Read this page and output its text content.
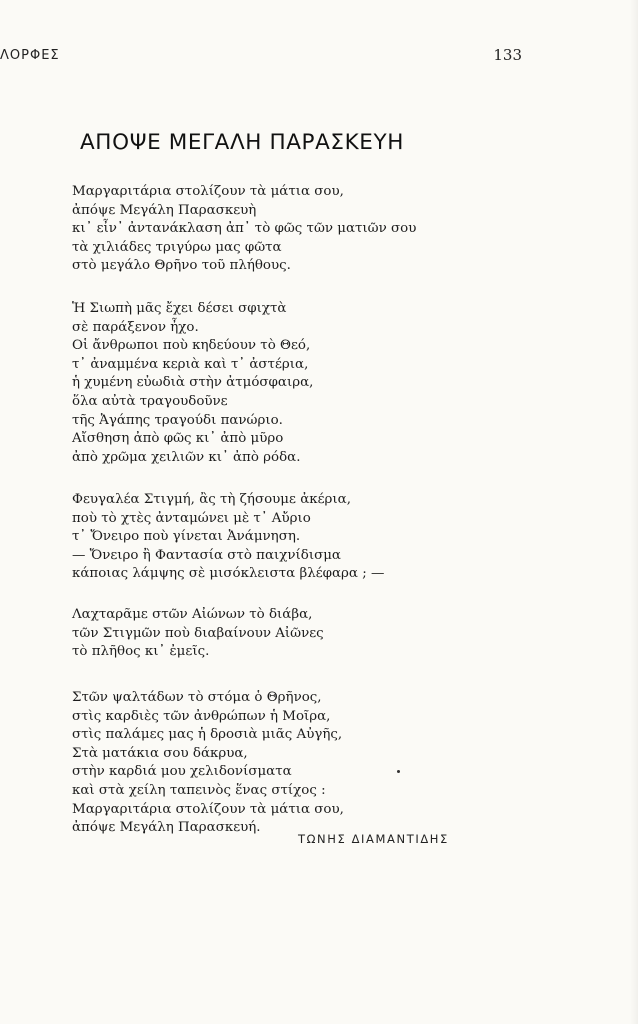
ΛΟΡΦΕΣ	133
ΑΠΟΨΕ ΜΕΓΑΛΗ ΠΑΡΑΣΚΕΥΗ
Μαργαριτάρια στολίζουν τὰ μάτια σου,
ἀπόψε Μεγάλη Παρασκευὴ
κι᾽ εἶν᾽ ἀντανάκλαση ἀπ᾽ τὸ φῶς τῶν ματιῶν σου
τὰ χιλιάδες τριγύρω μας φῶτα
στὸ μεγάλο Θρῆνο τοῦ πλήθους.
Ἡ Σιωπὴ μᾶς ἔχει δέσει σφιχτὰ
σὲ παράξενον ἦχο.
Οἱ ἄνθρωποι ποὺ κηδεύουν τὸ Θεό,
τ᾽ ἀναμμένα κεριὰ καὶ τ᾽ ἀστέρια,
ἡ χυμένη εὐωδιὰ στὴν ἀτμόσφαιρα,
ὅλα αὐτὰ τραγουδοῦνε
τῆς Ἀγάπης τραγούδι πανώριο.
Αἴσθηση ἀπὸ φῶς κι᾽ ἀπὸ μῦρο
ἀπὸ χρῶμα χειλιῶν κι᾽ ἀπὸ ρόδα.
Φευγαλέα Στιγμή, ἂς τὴ ζήσουμε ἀκέρια,
ποὺ τὸ χτὲς ἀνταμώνει μὲ τ᾽ Αὔριο
τ᾽ Ὄνειρο ποὺ γίνεται Ἀνάμνηση.
— Ὄνειρο ἢ Φαντασία στὸ παιχνίδισμα
κάποιας λάμψης σὲ μισόκλειστα βλέφαρα ; —
Λαχταρᾶμε στῶν Αἰώνων τὸ διάβα,
τῶν Στιγμῶν ποὺ διαβαίνουν Αἰῶνες
τὸ πλῆθος κι᾽ ἐμεῖς.
Στῶν ψαλτάδων τὸ στόμα ὁ Θρῆνος,
στὶς καρδιὲς τῶν ἀνθρώπων ἡ Μοῖρα,
στὶς παλάμες μας ἡ δροσιὰ μιᾶς Αὐγῆς,
Στὰ ματάκια σου δάκρυα,
στὴν καρδιά μου χελιδονίσματα
καὶ στὰ χείλη ταπεινὸς ἕνας στίχος :
Μαργαριτάρια στολίζουν τὰ μάτια σου,
ἀπόψε Μεγάλη Παρασκευή.
ΤΩΝΗΣ ΔΙΑΜΑΝΤΙΔΗΣ
